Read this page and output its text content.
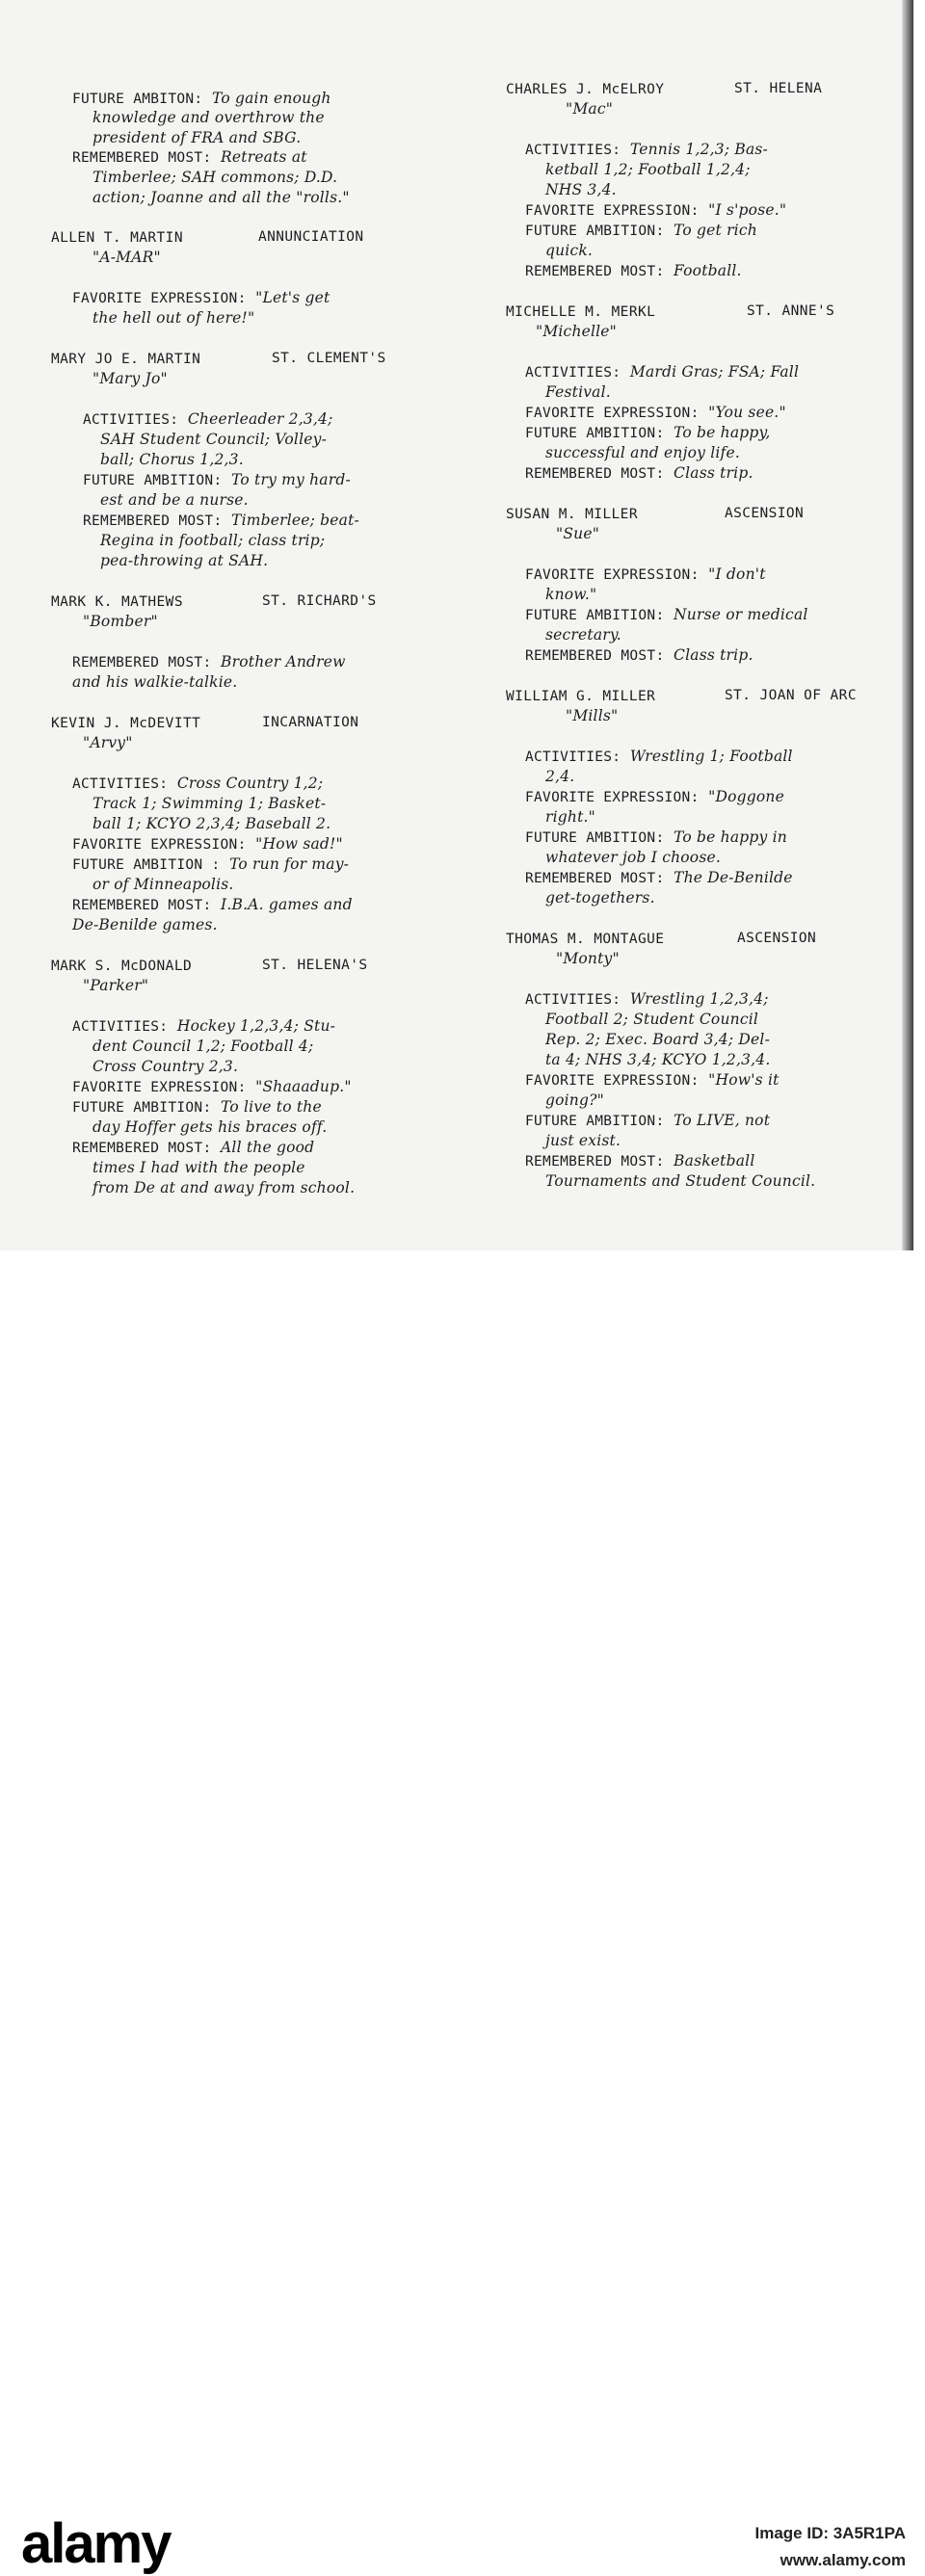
FUTURE AMBITON: To gain enough
knowledge and overthrow the
president of FRA and SBG.
REMEMBERED MOST: Retreats at
Timberlee; SAH commons; D.D.
action; Joanne and all the "rolls."
ALLEN T. MARTIN	ANNUNCIATION
"A-MAR"
FAVORITE EXPRESSION: "Let's get
the hell out of here!"
MARY JO E. MARTIN	ST. CLEMENT'S
"Mary Jo"
ACTIVITIES: Cheerleader 2,3,4;
SAH Student Council; Volley-
ball; Chorus 1,2,3.
FUTURE AMBITION: To try my hard-
est and be a nurse.
REMEMBERED MOST: Timberlee; beat-
Regina in football; class trip;
pea-throwing at SAH.
MARK K. MATHEWS	ST. RICHARD'S
"Bomber"
REMEMBERED MOST: Brother Andrew
and his walkie-talkie.
KEVIN J. McDEVITT	INCARNATION
"Arvy"
ACTIVITIES: Cross Country 1,2;
Track 1; Swimming 1; Basket-
ball 1; KCYO 2,3,4; Baseball 2.
FAVORITE EXPRESSION: "How sad!"
FUTURE AMBITION : To run for may-
or of Minneapolis.
REMEMBERED MOST: I.B.A. games and
De-Benilde games.
MARK S. McDONALD	ST. HELENA'S
"Parker"
ACTIVITIES: Hockey 1,2,3,4; Stu-
dent Council 1,2; Football 4;
Cross Country 2,3.
FAVORITE EXPRESSION: "Shaaadup."
FUTURE AMBITION: To live to the
day Hoffer gets his braces off.
REMEMBERED MOST: All the good
times I had with the people
from De at and away from school.
CHARLES J. McELROY	ST. HELENA
"Mac"
ACTIVITIES: Tennis 1,2,3; Bas-
ketball 1,2; Football 1,2,4;
NHS 3,4.
FAVORITE EXPRESSION: "I s'pose."
FUTURE AMBITION: To get rich
quick.
REMEMBERED MOST: Football.
MICHELLE M. MERKL	ST. ANNE'S
"Michelle"
ACTIVITIES: Mardi Gras; FSA; Fall
Festival.
FAVORITE EXPRESSION: "You see."
FUTURE AMBITION: To be happy,
successful and enjoy life.
REMEMBERED MOST: Class trip.
SUSAN M. MILLER	ASCENSION
"Sue"
FAVORITE EXPRESSION: "I don't
know."
FUTURE AMBITION: Nurse or medical
secretary.
REMEMBERED MOST: Class trip.
WILLIAM G. MILLER	ST. JOAN OF ARC
"Mills"
ACTIVITIES: Wrestling 1; Football
2,4.
FAVORITE EXPRESSION: "Doggone
right."
FUTURE AMBITION: To be happy in
whatever job I choose.
REMEMBERED MOST: The De-Benilde
get-togethers.
THOMAS M. MONTAGUE	ASCENSION
"Monty"
ACTIVITIES: Wrestling 1,2,3,4;
Football 2; Student Council
Rep. 2; Exec. Board 3,4; Del-
ta 4; NHS 3,4; KCYO 1,2,3,4.
FAVORITE EXPRESSION: "How's it
going?"
FUTURE AMBITION: To LIVE, not
just exist.
REMEMBERED MOST: Basketball
Tournaments and Student Council.
alamy	Image ID: 3A5R1PA
www.alamy.com
